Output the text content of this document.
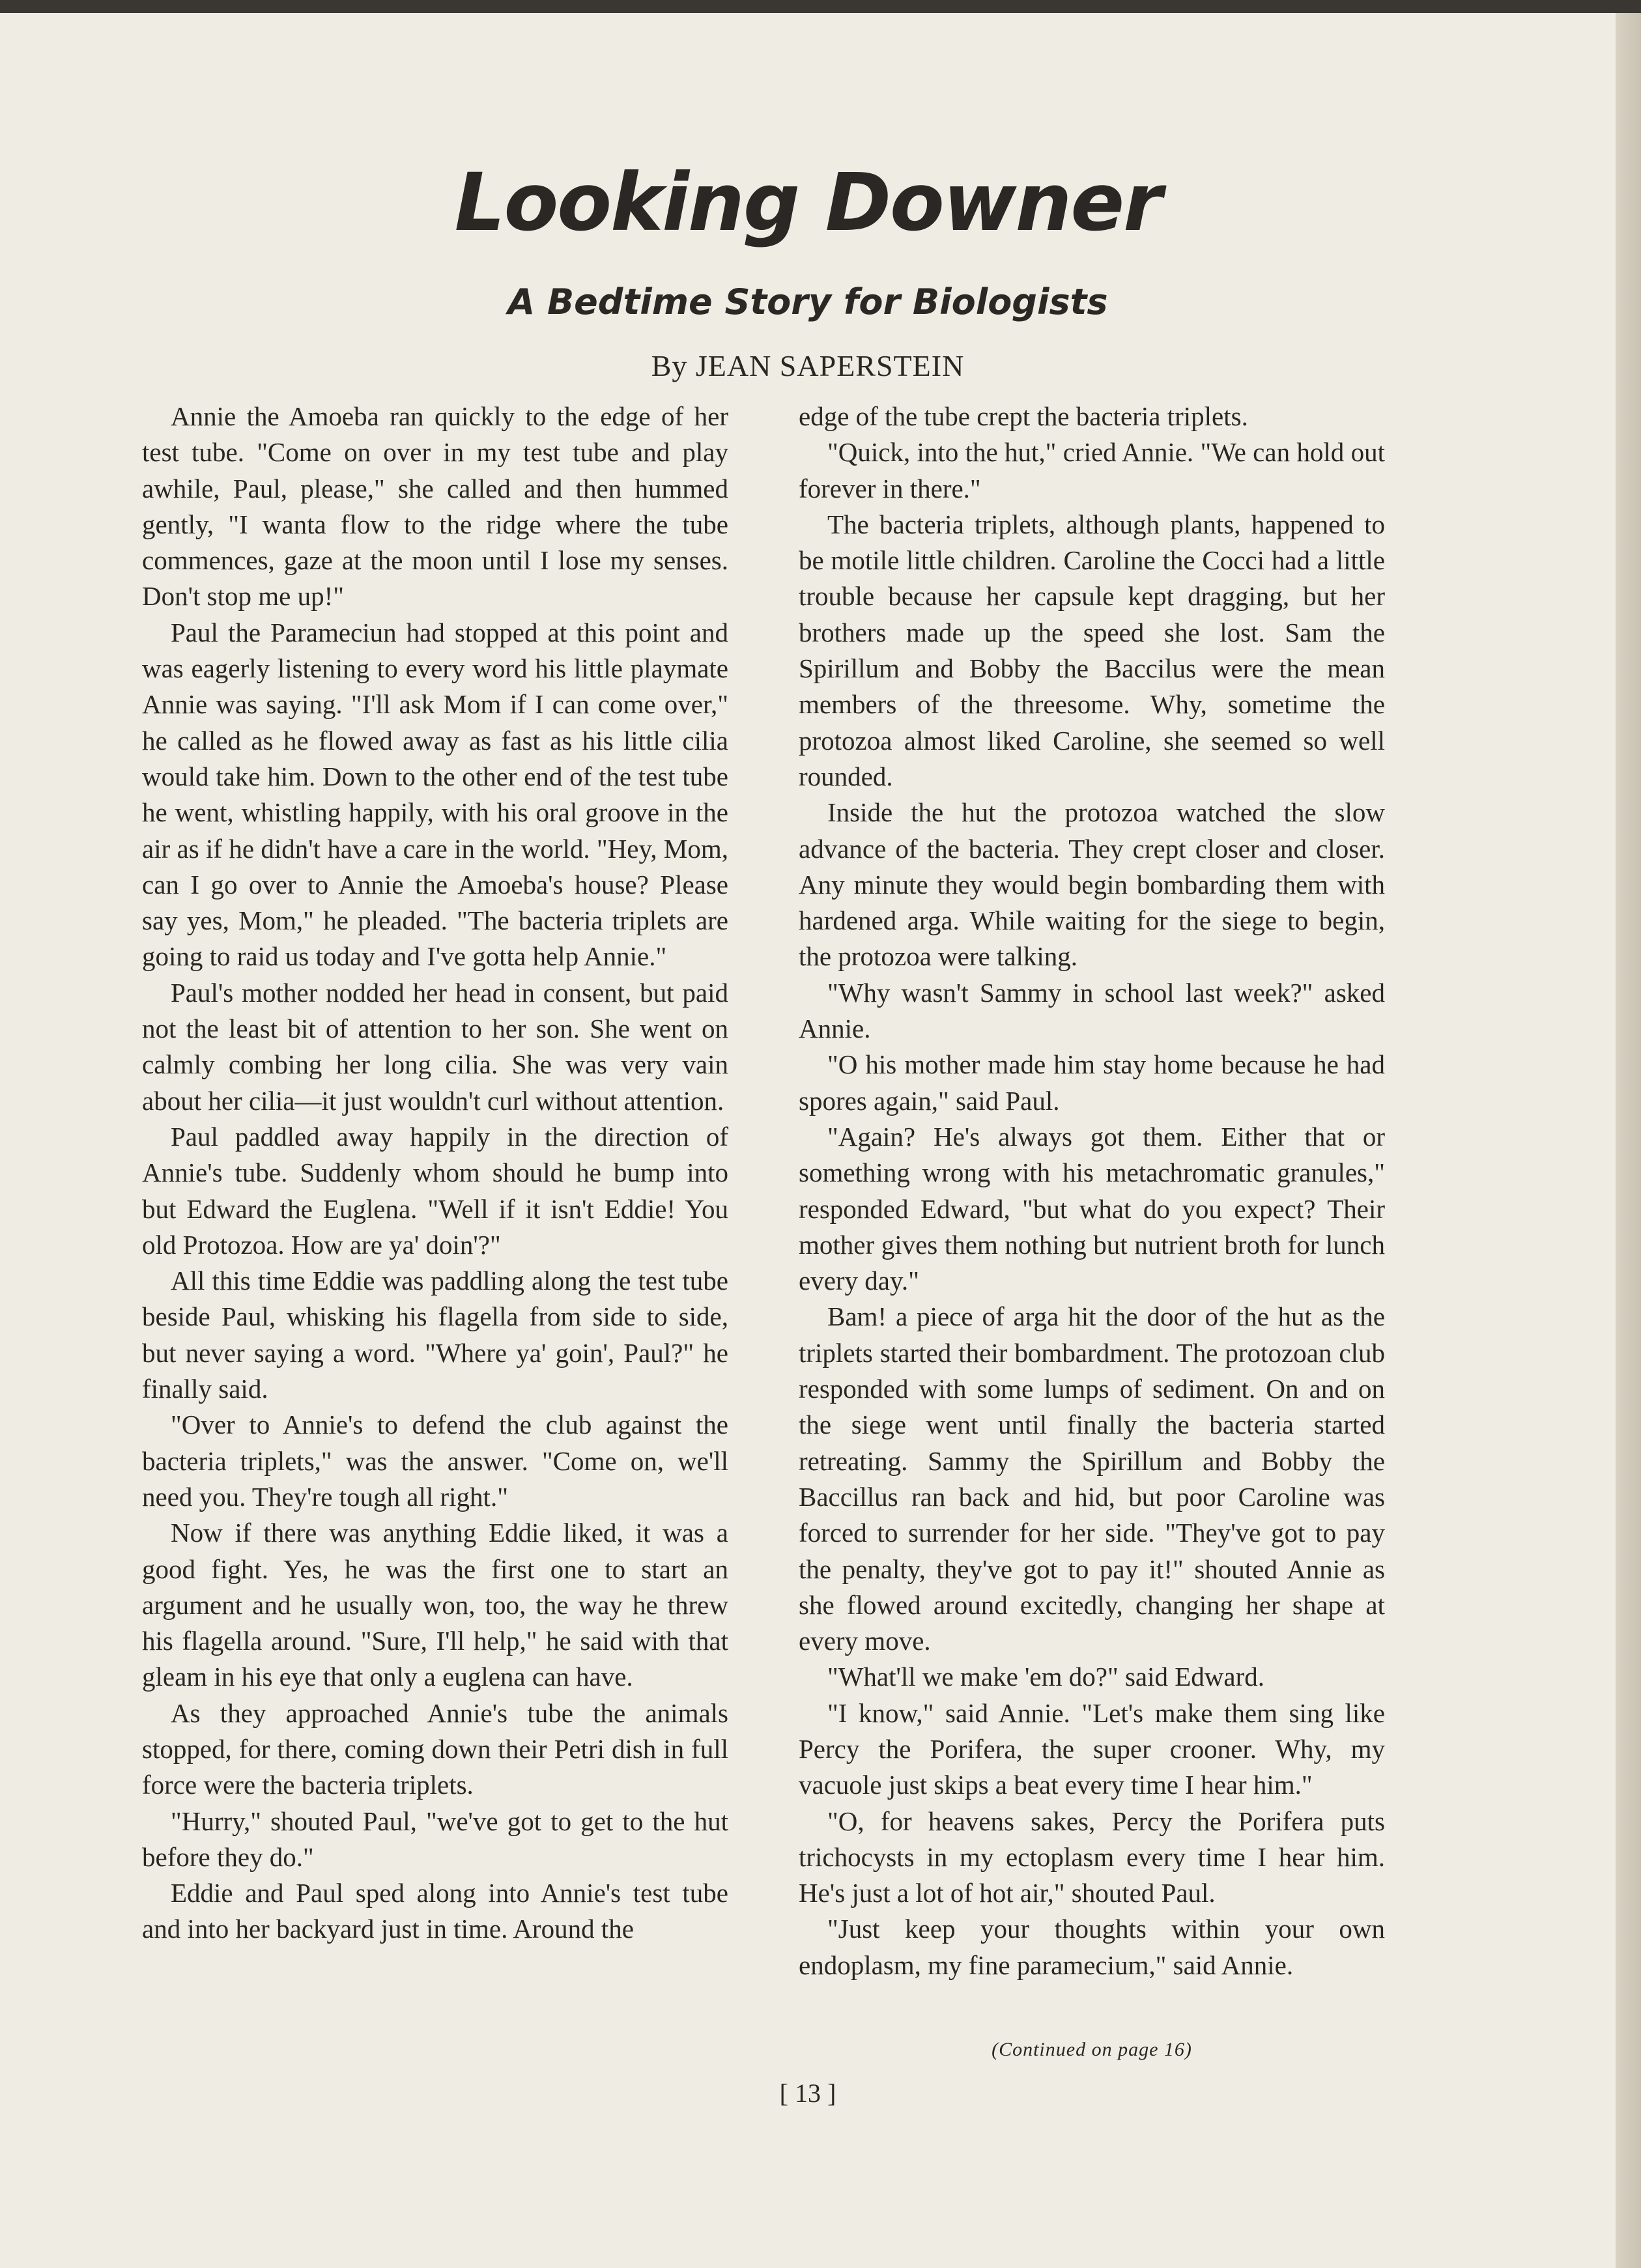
Looking Downer
A Bedtime Story for Biologists
By JEAN SAPERSTEIN

Annie the Amoeba ran quickly to the edge of her test tube. "Come on over in my test tube and play awhile, Paul, please," she called and then hummed gently, "I wanta flow to the ridge where the tube commences, gaze at the moon until I lose my senses. Don't stop me up!"

Paul the Parameciun had stopped at this point and was eagerly listening to every word his little playmate Annie was saying. "I'll ask Mom if I can come over," he called as he flowed away as fast as his little cilia would take him. Down to the other end of the test tube he went, whistling happily, with his oral groove in the air as if he didn't have a care in the world. "Hey, Mom, can I go over to Annie the Amoeba's house? Please say yes, Mom," he pleaded. "The bacteria triplets are going to raid us today and I've gotta help Annie."

Paul's mother nodded her head in consent, but paid not the least bit of attention to her son. She went on calmly combing her long cilia. She was very vain about her cilia—it just wouldn't curl without attention.

Paul paddled away happily in the direction of Annie's tube. Suddenly whom should he bump into but Edward the Euglena. "Well if it isn't Eddie! You old Protozoa. How are ya' doin'?"

All this time Eddie was paddling along the test tube beside Paul, whisking his flagella from side to side, but never saying a word. "Where ya' goin', Paul?" he finally said.

"Over to Annie's to defend the club against the bacteria triplets," was the answer. "Come on, we'll need you. They're tough all right."

Now if there was anything Eddie liked, it was a good fight. Yes, he was the first one to start an argument and he usually won, too, the way he threw his flagella around. "Sure, I'll help," he said with that gleam in his eye that only a euglena can have.

As they approached Annie's tube the animals stopped, for there, coming down their Petri dish in full force were the bacteria triplets.

"Hurry," shouted Paul, "we've got to get to the hut before they do."

Eddie and Paul sped along into Annie's test tube and into her backyard just in time. Around the

edge of the tube crept the bacteria triplets.

"Quick, into the hut," cried Annie. "We can hold out forever in there."

The bacteria triplets, although plants, happened to be motile little children. Caroline the Cocci had a little trouble because her capsule kept dragging, but her brothers made up the speed she lost. Sam the Spirillum and Bobby the Baccilus were the mean members of the threesome. Why, sometime the protozoa almost liked Caroline, she seemed so well rounded.

Inside the hut the protozoa watched the slow advance of the bacteria. They crept closer and closer. Any minute they would begin bombarding them with hardened arga. While waiting for the siege to begin, the protozoa were talking.

"Why wasn't Sammy in school last week?" asked Annie.

"O his mother made him stay home because he had spores again," said Paul.

"Again? He's always got them. Either that or something wrong with his metachromatic granules," responded Edward, "but what do you expect? Their mother gives them nothing but nutrient broth for lunch every day."

Bam! a piece of arga hit the door of the hut as the triplets started their bombardment. The protozoan club responded with some lumps of sediment. On and on the siege went until finally the bacteria started retreating. Sammy the Spirillum and Bobby the Baccillus ran back and hid, but poor Caroline was forced to surrender for her side. "They've got to pay the penalty, they've got to pay it!" shouted Annie as she flowed around excitedly, changing her shape at every move.

"What'll we make 'em do?" said Edward.

"I know," said Annie. "Let's make them sing like Percy the Porifera, the super crooner. Why, my vacuole just skips a beat every time I hear him."

"O, for heavens sakes, Percy the Porifera puts trichocysts in my ectoplasm every time I hear him. He's just a lot of hot air," shouted Paul.

"Just keep your thoughts within your own endoplasm, my fine paramecium," said Annie.

(Continued on page 16)
[ 13 ]
